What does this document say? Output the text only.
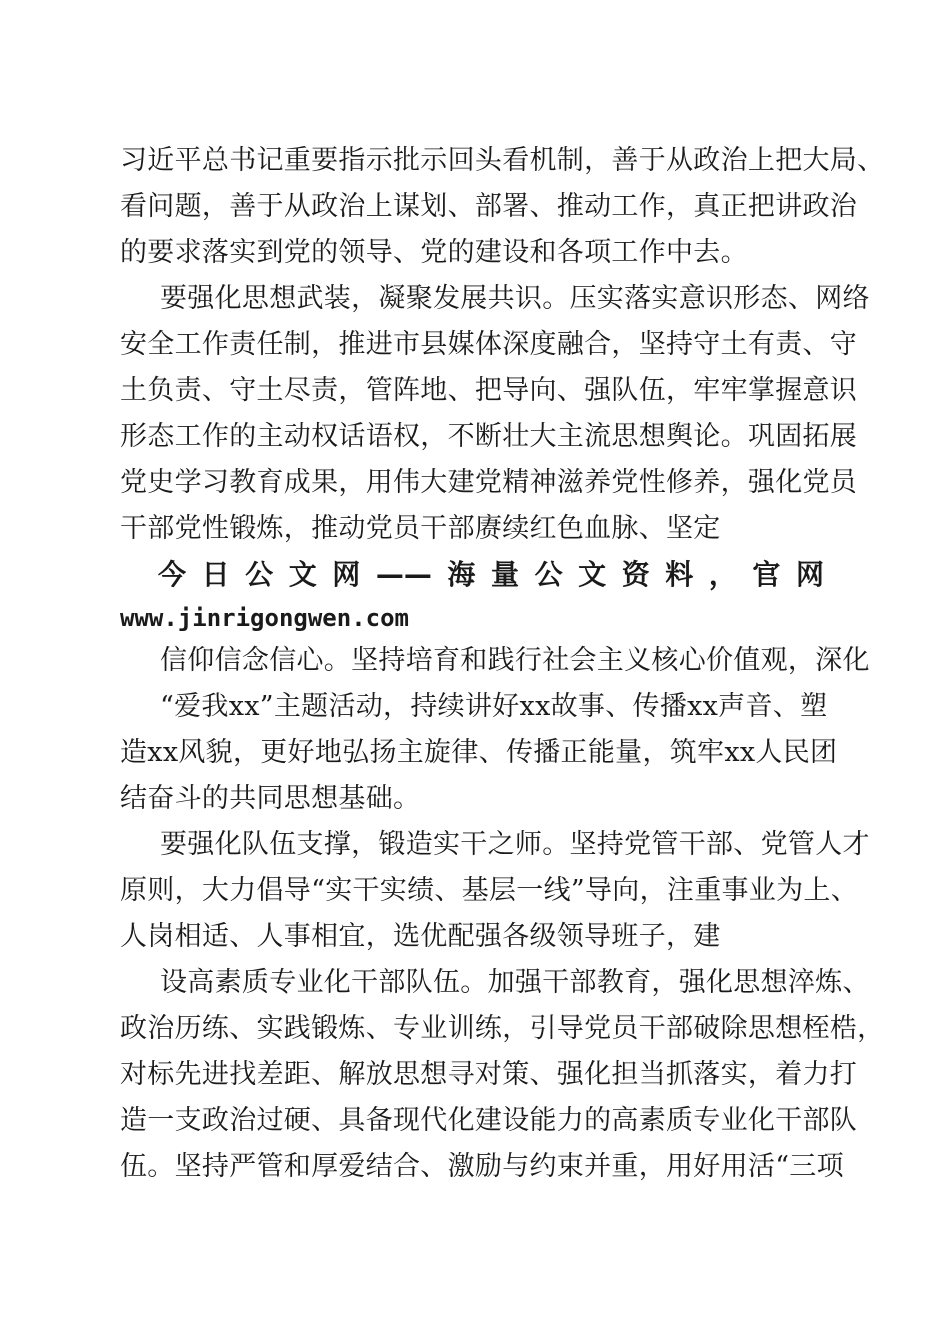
习近平总书记重要指示批示回头看机制，善于从政治上把大局、
看问题，善于从政治上谋划、部署、推动工作，真正把讲政治
的要求落实到党的领导、党的建设和各项工作中去。
要强化思想武装，凝聚发展共识。压实落实意识形态、网络
安全工作责任制，推进市县媒体深度融合，坚持守土有责、守
土负责、守土尽责，管阵地、把导向、强队伍，牢牢掌握意识
形态工作的主动权话语权，不断壮大主流思想舆论。巩固拓展
党史学习教育成果，用伟大建党精神滋养党性修养，强化党员
干部党性锻炼，推动党员干部赓续红色血脉、坚定
今日公文网——海量公文资料，官网
www.jinrigongwen.com
信仰信念信心。坚持培育和践行社会主义核心价值观，深化
“爱我xx”主题活动，持续讲好xx故事、传播xx声音、塑
造xx风貌，更好地弘扬主旋律、传播正能量，筑牢xx人民团
结奋斗的共同思想基础。
要强化队伍支撑，锻造实干之师。坚持党管干部、党管人才
原则，大力倡导“实干实绩、基层一线”导向，注重事业为上、
人岗相适、人事相宜，选优配强各级领导班子，建
设高素质专业化干部队伍。加强干部教育，强化思想淬炼、
政治历练、实践锻炼、专业训练，引导党员干部破除思想桎梏，
对标先进找差距、解放思想寻对策、强化担当抓落实，着力打
造一支政治过硬、具备现代化建设能力的高素质专业化干部队
伍。坚持严管和厚爱结合、激励与约束并重，用好用活“三项
